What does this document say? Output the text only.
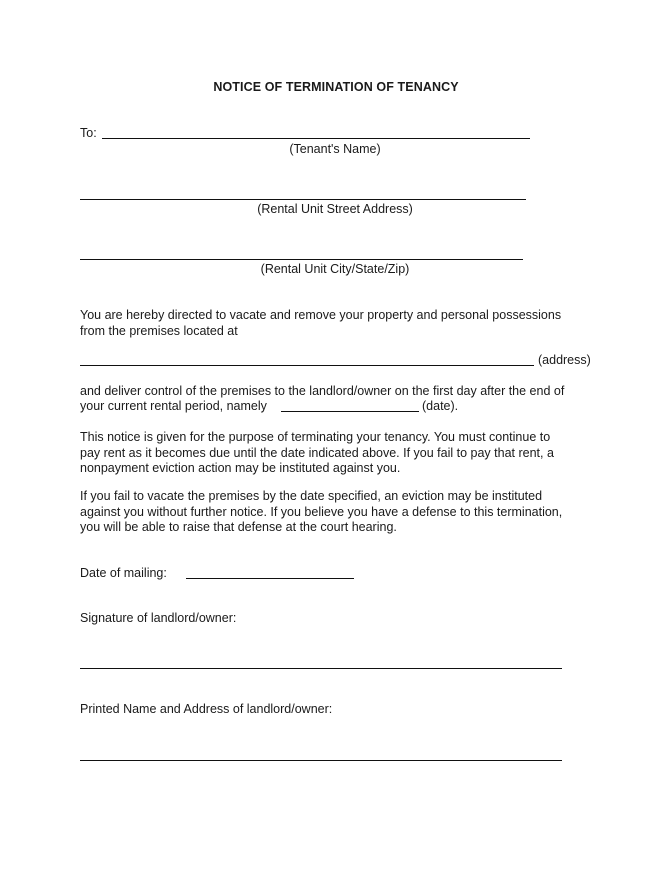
NOTICE OF TERMINATION OF TENANCY
To:
(Tenant's Name)
(Rental Unit Street Address)
(Rental Unit City/State/Zip)
You are hereby directed to vacate and remove your property and personal possessions
from the premises located at
(address)
and deliver control of the premises to the landlord/owner on the first day after the end of
your current rental period, namely	(date).
This notice is given for the purpose of terminating your tenancy. You must continue to
pay rent as it becomes due until the date indicated above. If you fail to pay that rent, a
nonpayment eviction action may be instituted against you.
If you fail to vacate the premises by the date specified, an eviction may be instituted
against you without further notice. If you believe you have a defense to this termination,
you will be able to raise that defense at the court hearing.
Date of mailing:
Signature of landlord/owner:
Printed Name and Address of landlord/owner:
